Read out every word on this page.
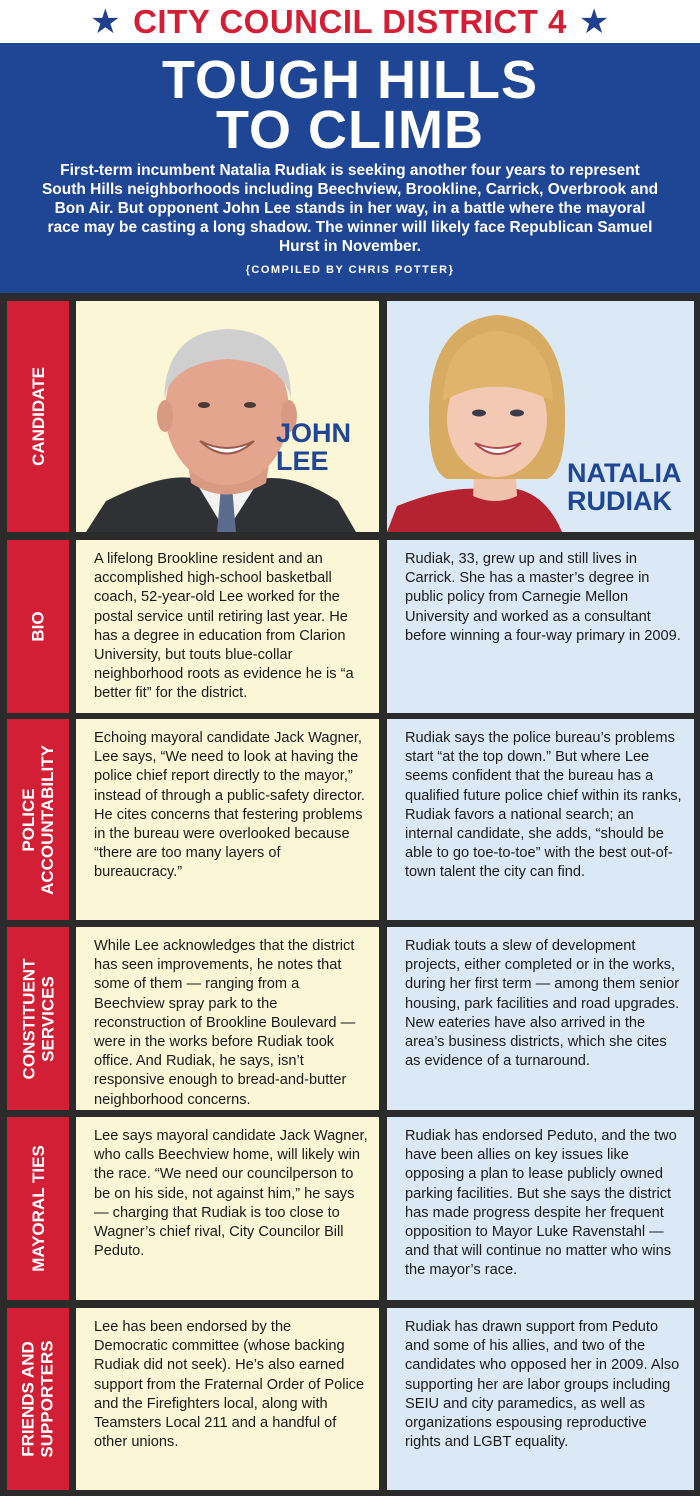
★ CITY COUNCIL DISTRICT 4 ★
TOUGH HILLS
TO CLIMB
First-term incumbent Natalia Rudiak is seeking another four years to represent South Hills neighborhoods including Beechview, Brookline, Carrick, Overbrook and Bon Air. But opponent John Lee stands in her way, in a battle where the mayoral race may be casting a long shadow. The winner will likely face Republican Samuel Hurst in November.
{COMPILED BY CHRIS POTTER}
CANDIDATE	JOHN
LEE	NATALIA
RUDIAK
BIO
A lifelong Brookline resident and an accomplished high-school basketball coach, 52-year-old Lee worked for the postal service until retiring last year. He has a degree in education from Clarion University, but touts blue-collar neighborhood roots as evidence he is “a better fit” for the district.
Rudiak, 33, grew up and still lives in Carrick. She has a master’s degree in public policy from Carnegie Mellon University and worked as a consultant before winning a four-way primary in 2009.
POLICE ACCOUNTABILITY
Echoing mayoral candidate Jack Wagner, Lee says, “We need to look at having the police chief report directly to the mayor,” instead of through a public-safety director. He cites concerns that festering problems in the bureau were overlooked because “there are too many layers of bureaucracy.”
Rudiak says the police bureau’s problems start “at the top down.” But where Lee seems confident that the bureau has a qualified future police chief within its ranks, Rudiak favors a national search; an internal candidate, she adds, “should be able to go toe-to-toe” with the best out-of-town talent the city can find.
CONSTITUENT SERVICES
While Lee acknowledges that the district has seen improvements, he notes that some of them — ranging from a Beechview spray park to the reconstruction of Brookline Boulevard — were in the works before Rudiak took office. And Rudiak, he says, isn’t responsive enough to bread-and-butter neighborhood concerns.
Rudiak touts a slew of development projects, either completed or in the works, during her first term — among them senior housing, park facilities and road upgrades. New eateries have also arrived in the area’s business districts, which she cites as evidence of a turnaround.
MAYORAL TIES
Lee says mayoral candidate Jack Wagner, who calls Beechview home, will likely win the race. “We need our councilperson to be on his side, not against him,” he says — charging that Rudiak is too close to Wagner’s chief rival, City Councilor Bill Peduto.
Rudiak has endorsed Peduto, and the two have been allies on key issues like opposing a plan to lease publicly owned parking facilities. But she says the district has made progress despite her frequent opposition to Mayor Luke Ravenstahl — and that will continue no matter who wins the mayor’s race.
FRIENDS AND SUPPORTERS
Lee has been endorsed by the Democratic committee (whose backing Rudiak did not seek). He’s also earned support from the Fraternal Order of Police and the Firefighters local, along with Teamsters Local 211 and a handful of other unions.
Rudiak has drawn support from Peduto and some of his allies, and two of the candidates who opposed her in 2009. Also supporting her are labor groups including SEIU and city paramedics, as well as organizations espousing reproductive rights and LGBT equality.
